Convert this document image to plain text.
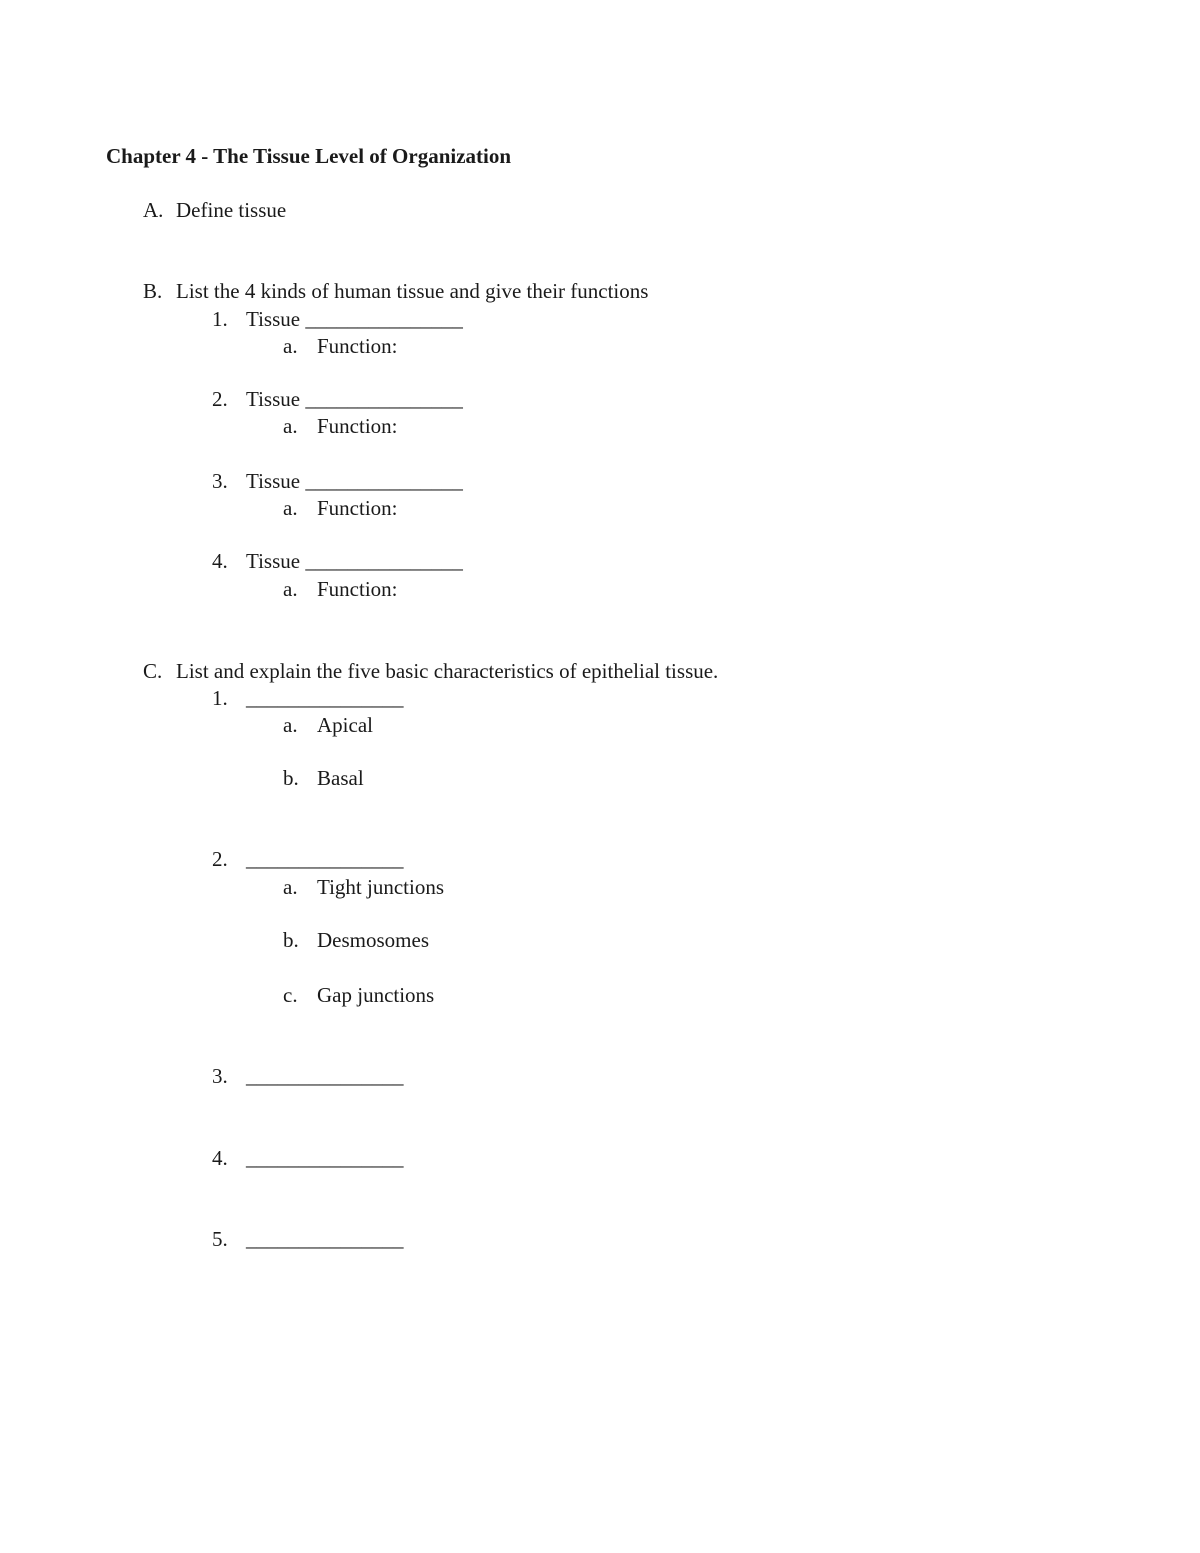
Chapter 4 - The Tissue Level of Organization
A. Define tissue
B. List the 4 kinds of human tissue and give their functions
1. Tissue _______________
a. Function:
2. Tissue _______________
a. Function:
3. Tissue _______________
a. Function:
4. Tissue _______________
a. Function:
C. List and explain the five basic characteristics of epithelial tissue.
1. _______________
a. Apical
b. Basal
2. _______________
a. Tight junctions
b. Desmosomes
c. Gap junctions
3. _______________
4. _______________
5. _______________
